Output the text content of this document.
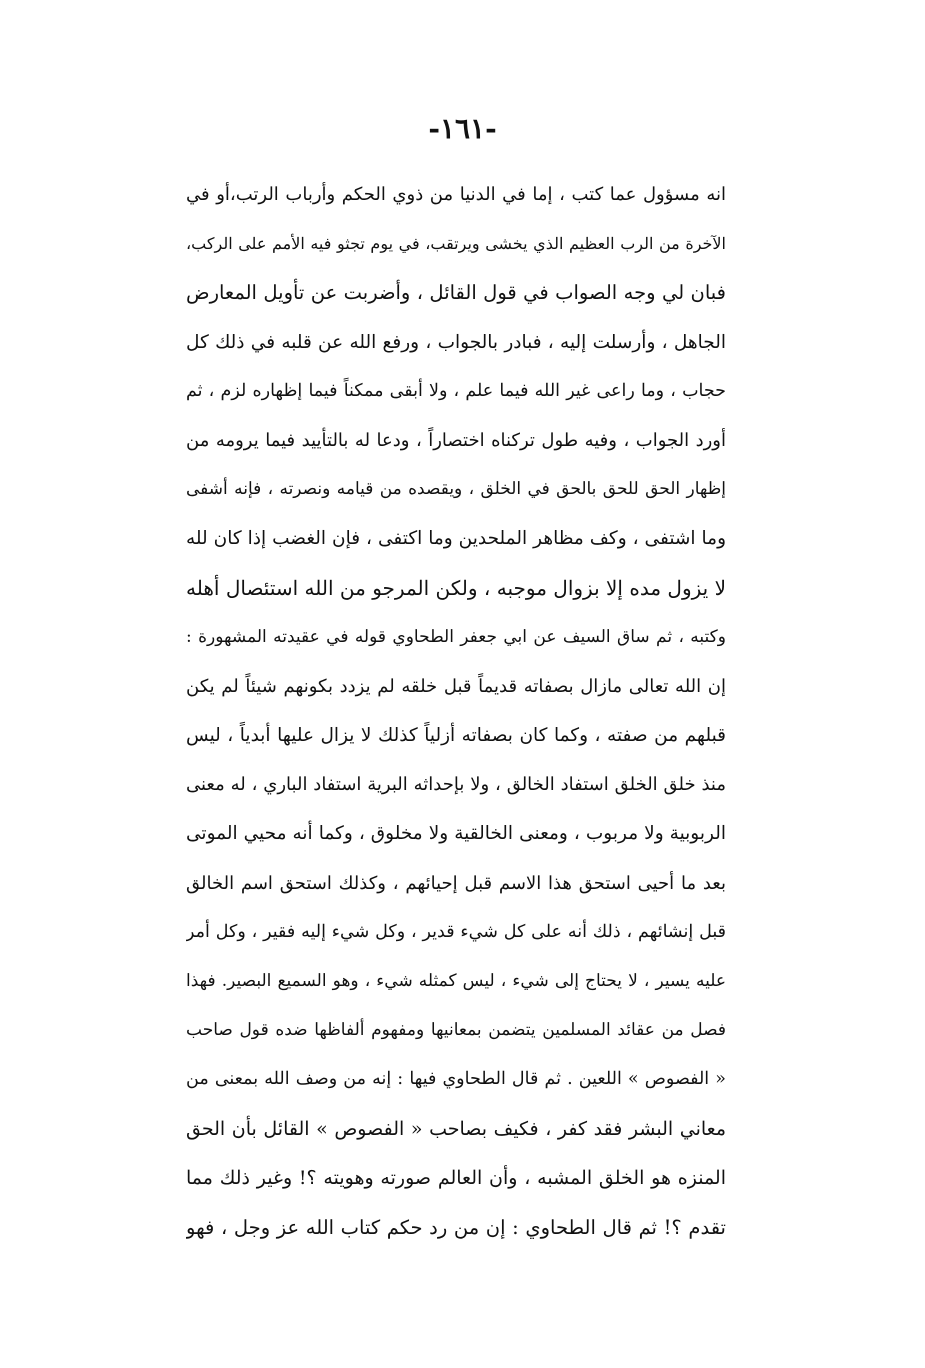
-١٦١-
انه مسؤول عما كتب ، إما في الدنيا من ذوي الحكم وأرباب الرتب،أو في
الآخرة من الرب العظيم الذي يخشى ويرتقب، في يوم تجثو فيه الأمم على الركب،
فبان لي وجه الصواب في قول القائل ، وأضربت عن تأويل المعارض
الجاهل ، وأرسلت إليه ، فبادر بالجواب ، ورفع الله عن قلبه في ذلك كل
حجاب ، وما راعى غير الله فيما علم ، ولا أبقى ممكناً فيما إظهاره لزم ، ثم
أورد الجواب ، وفيه طول تركناه اختصاراً ، ودعا له بالتأييد فيما يرومه من
إظهار الحق للحق بالحق في الخلق ، ويقصده من قيامه ونصرته ، فإنه أشفى
وما اشتفى ، وكف مظاهر الملحدين وما اكتفى ، فإن الغضب إذا كان لله
لا يزول مده إلا بزوال موجبه ، ولكن المرجو من الله استئصال أهله
وكتبه ، ثم ساق السيف عن ابي جعفر الطحاوي قوله في عقيدته المشهورة :
إن الله تعالى مازال بصفاته قديماً قبل خلقه لم يزدد بكونهم شيئاً لم يكن
قبلهم من صفته ، وكما كان بصفاته أزلياً كذلك لا يزال عليها أبدياً ، ليس
منذ خلق الخلق استفاد الخالق ، ولا بإحداثه البرية استفاد الباري ، له معنى
الربوبية ولا مربوب ، ومعنى الخالقية ولا مخلوق ، وكما أنه محيي الموتى
بعد ما أحيى استحق هذا الاسم قبل إحيائهم ، وكذلك استحق اسم الخالق
قبل إنشائهم ، ذلك أنه على كل شيء قدير ، وكل شيء إليه فقير ، وكل أمر
عليه يسير ، لا يحتاج إلى شيء ، ليس كمثله شيء ، وهو السميع البصير. فهذا
فصل من عقائد المسلمين يتضمن بمعانيها ومفهوم ألفاظها ضده قول صاحب
« الفصوص » اللعين . ثم قال الطحاوي فيها : إنه من وصف الله بمعنى من
معاني البشر فقد كفر ، فكيف بصاحب « الفصوص » القائل بأن الحق
المنزه هو الخلق المشبه ، وأن العالم صورته وهويته ؟! وغير ذلك مما
تقدم ؟! ثم قال الطحاوي : إن من رد حكم كتاب الله عز وجل ، فهو
